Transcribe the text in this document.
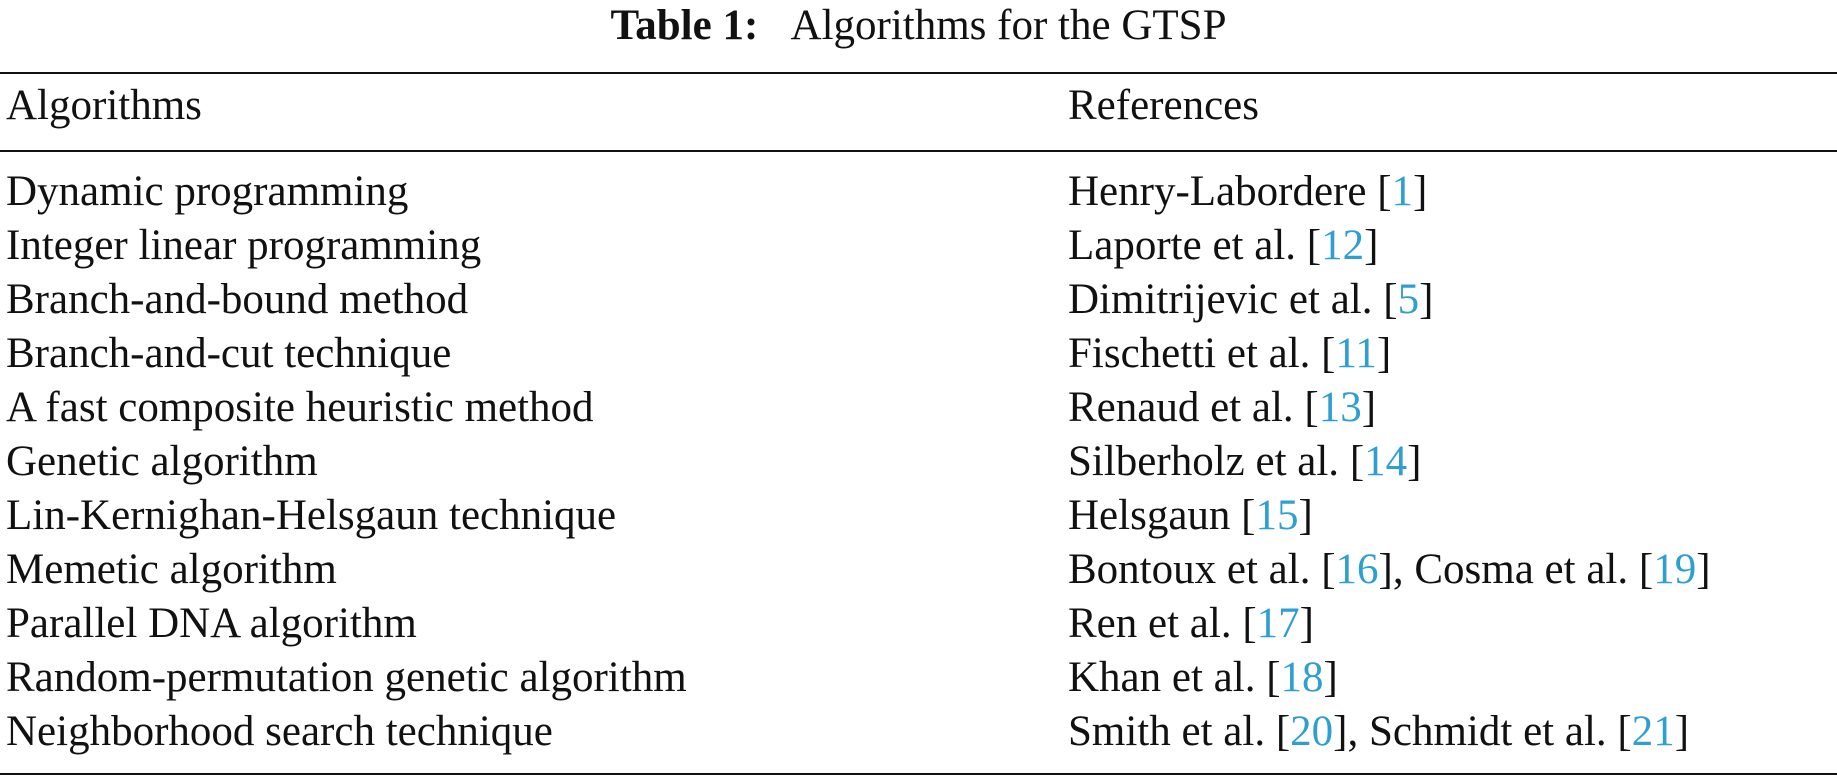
Table 1: Algorithms for the GTSP
Algorithms	References
Dynamic programming	Henry-Labordere [1]
Integer linear programming	Laporte et al. [12]
Branch-and-bound method	Dimitrijevic et al. [5]
Branch-and-cut technique	Fischetti et al. [11]
A fast composite heuristic method	Renaud et al. [13]
Genetic algorithm	Silberholz et al. [14]
Lin-Kernighan-Helsgaun technique	Helsgaun [15]
Memetic algorithm	Bontoux et al. [16], Cosma et al. [19]
Parallel DNA algorithm	Ren et al. [17]
Random-permutation genetic algorithm	Khan et al. [18]
Neighborhood search technique	Smith et al. [20], Schmidt et al. [21]
